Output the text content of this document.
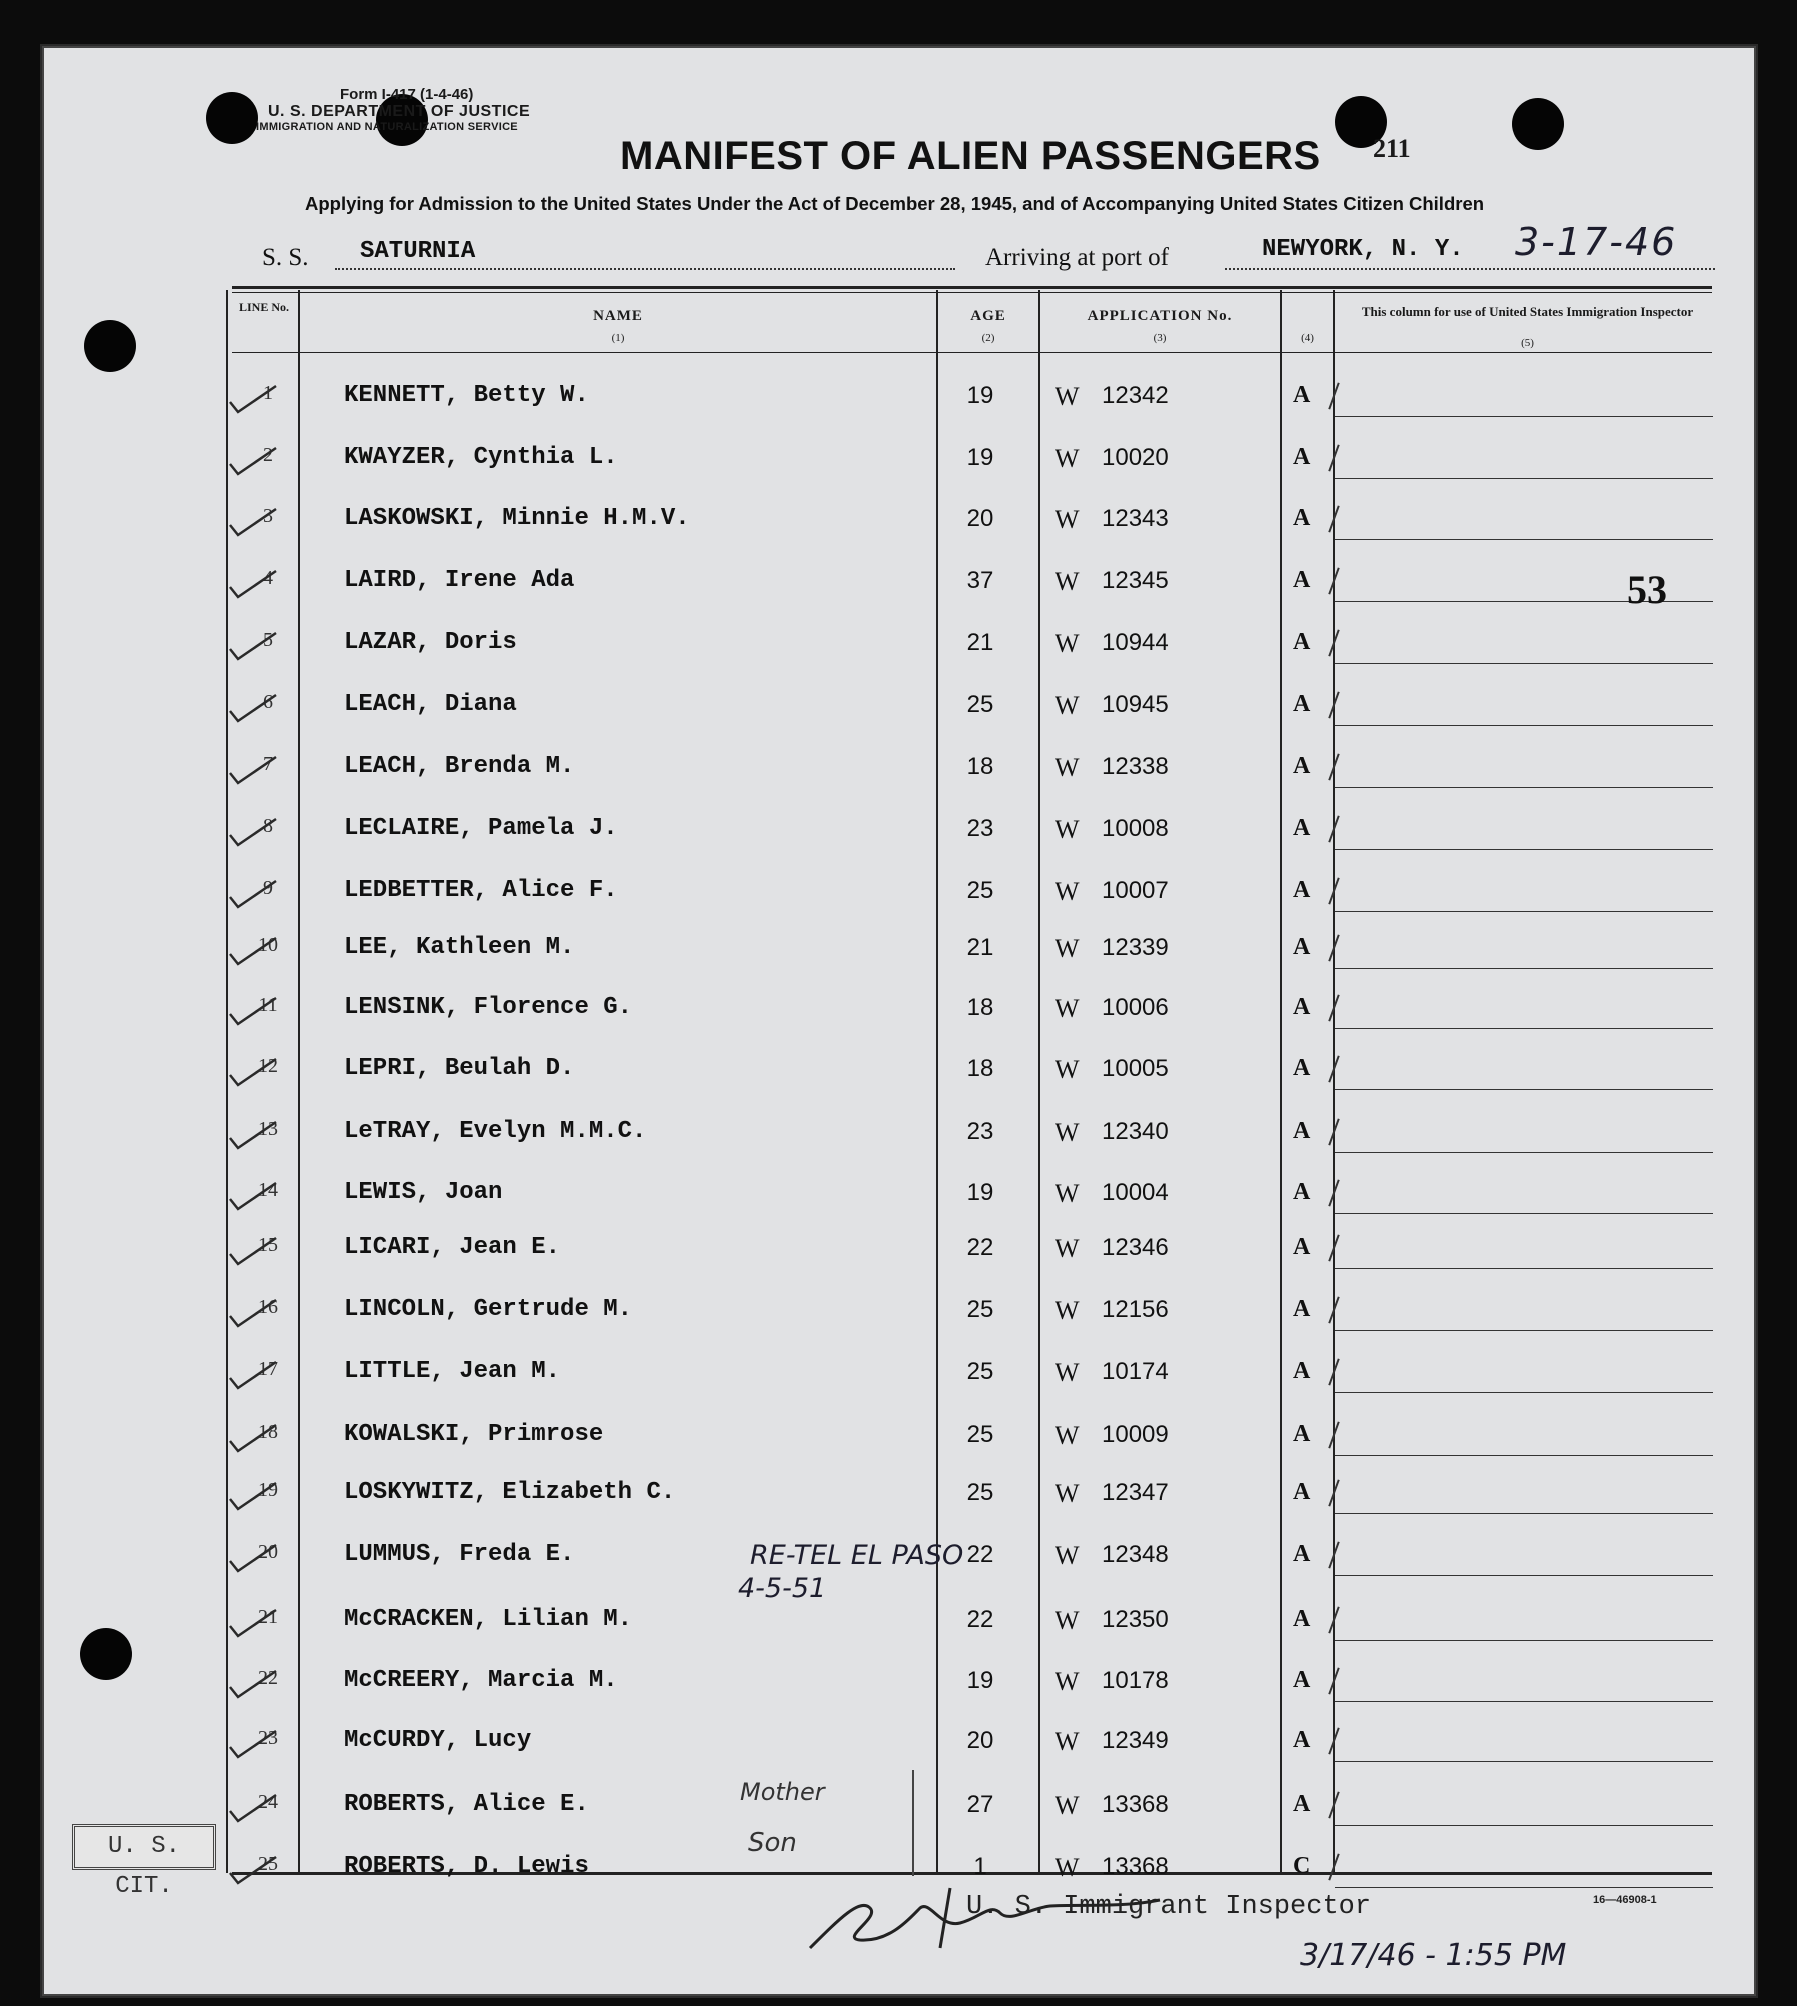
Form I-417 (1-4-46)
U. S. DEPARTMENT OF JUSTICE
IMMIGRATION AND NATURALIZATION SERVICE
211
MANIFEST OF ALIEN PASSENGERS
Applying for Admission to the United States Under the Act of December 28, 1945, and of Accompanying United States Citizen Children
S. S. SATURNIA	Arriving at port of	NEWYORK, N. Y. 3-17-46
LINE No.
NAME
(1)
AGE
(2)
APPLICATION No.
(3)	(4)
This column for use of United States Immigration Inspector
(5)
1	KENNETT, Betty W.	19	W 12342	A
2	KWAYZER, Cynthia L.	19	W 10020	A
3	LASKOWSKI, Minnie H.M.V.	20	W 12343	A
4	LAIRD, Irene Ada	37	W 12345	A
5	LAZAR, Doris	21	W 10944	A
6	LEACH, Diana	25	W 10945	A
7	LEACH, Brenda M.	18	W 12338	A
8	LECLAIRE, Pamela J.	23	W 10008	A
9	LEDBETTER, Alice F.	25	W 10007	A
10	LEE, Kathleen M.	21	W 12339	A
11	LENSINK, Florence G.	18	W 10006	A
12	LEPRI, Beulah D.	18	W 10005	A
13	LeTRAY, Evelyn M.M.C.	23	W 12340	A
14	LEWIS, Joan	19	W 10004	A
15	LICARI, Jean E.	22	W 12346	A
16	LINCOLN, Gertrude M.	25	W 12156	A
17	LITTLE, Jean M.	25	W 10174	A
18	KOWALSKI, Primrose	25	W 10009	A
19	LOSKYWITZ, Elizabeth C.	25	W 12347	A
20	LUMMUS, Freda E.	22	W 12348	A
21	McCRACKEN, Lilian M.	22	W 12350	A
22	McCREERY, Marcia M.	19	W 10178	A
23	McCURDY, Lucy	20	W 12349	A
24	ROBERTS, Alice E.	27	W 13368	A
25	ROBERTS, D. Lewis	1	W 13368	C
53
RE-TEL EL PASO
4-5-51
Mother
Son
U. S. CIT.
U. S. Immigrant Inspector	16—46908-1
3/17/46 - 1:55 PM
